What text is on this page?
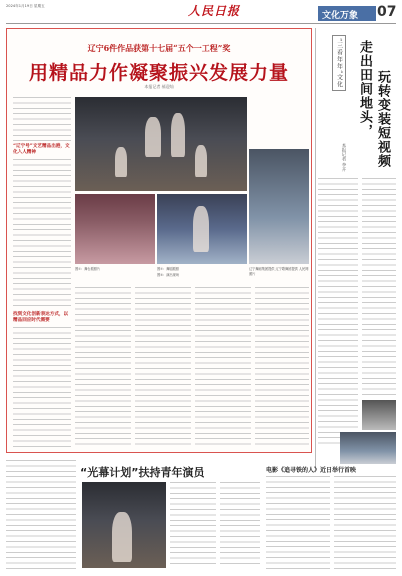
2024年1月19日 星期五	人民日报	文化万象	07
辽宁6件作品获第十七届“五个一工程”奖
用精品力作凝聚振兴发展力量
本报记者 郝迎灿
“辽宁号”文艺精品出港，文化入人精神
找到文化创新表达方式，以精品回应时代需要
图①：舞台剧照片	图②：舞剧剧照
图③：演出现场
辽宁舞蹈集团提供 辽宁歌舞团提供 人民网照片
“三看年年”文化 走出田间地头， 玩转变装短视频
本报记者 李卉
“光幕计划”扶持青年演员	电影《追寻铁的人》近日举行首映
